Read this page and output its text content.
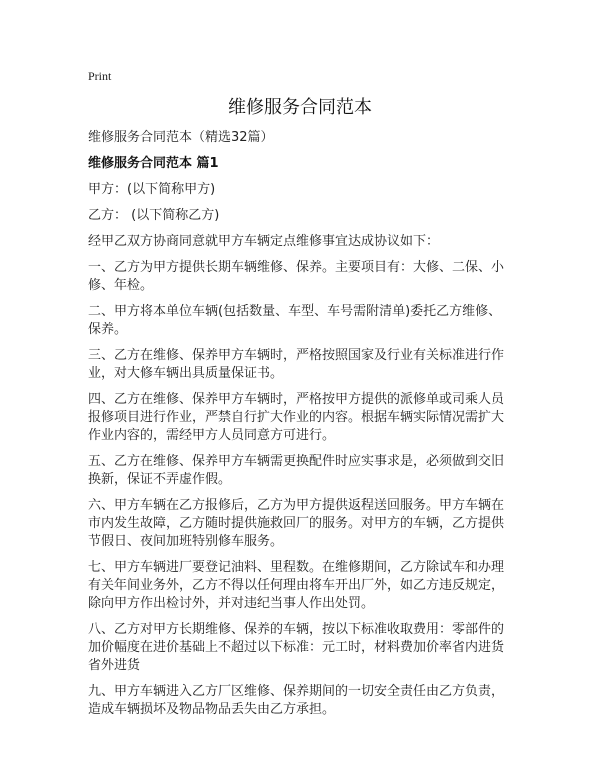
Print
维修服务合同范本

维修服务合同范本（精选32篇）

维修服务合同范本 篇1

甲方：(以下简称甲方)

乙方： (以下简称乙方)

经甲乙双方协商同意就甲方车辆定点维修事宜达成协议如下：

一、乙方为甲方提供长期车辆维修、保养。主要项目有：大修、二保、小修、年检。

二、甲方将本单位车辆(包括数量、车型、车号需附清单)委托乙方维修、保养。

三、乙方在维修、保养甲方车辆时，严格按照国家及行业有关标准进行作业，对大修车辆出具质量保证书。

四、乙方在维修、保养甲方车辆时，严格按甲方提供的派修单或司乘人员报修项目进行作业，严禁自行扩大作业的内容。根据车辆实际情况需扩大作业内容的，需经甲方人员同意方可进行。

五、乙方在维修、保养甲方车辆需更换配件时应实事求是，必须做到交旧换新，保证不弄虚作假。

六、甲方车辆在乙方报修后，乙方为甲方提供返程送回服务。甲方车辆在市内发生故障，乙方随时提供施救回厂的服务。对甲方的车辆，乙方提供节假日、夜间加班特别修车服务。

七、甲方车辆进厂要登记油料、里程数。在维修期间，乙方除试车和办理有关年间业务外，乙方不得以任何理由将车开出厂外，如乙方违反规定，除向甲方作出检讨外，并对违纪当事人作出处罚。

八、乙方对甲方长期维修、保养的车辆，按以下标准收取费用：零部件的加价幅度在进价基础上不超过以下标准：元工时，材料费加价率省内进货省外进货

九、甲方车辆进入乙方厂区维修、保养期间的一切安全责任由乙方负责，造成车辆损坏及物品物品丢失由乙方承担。
